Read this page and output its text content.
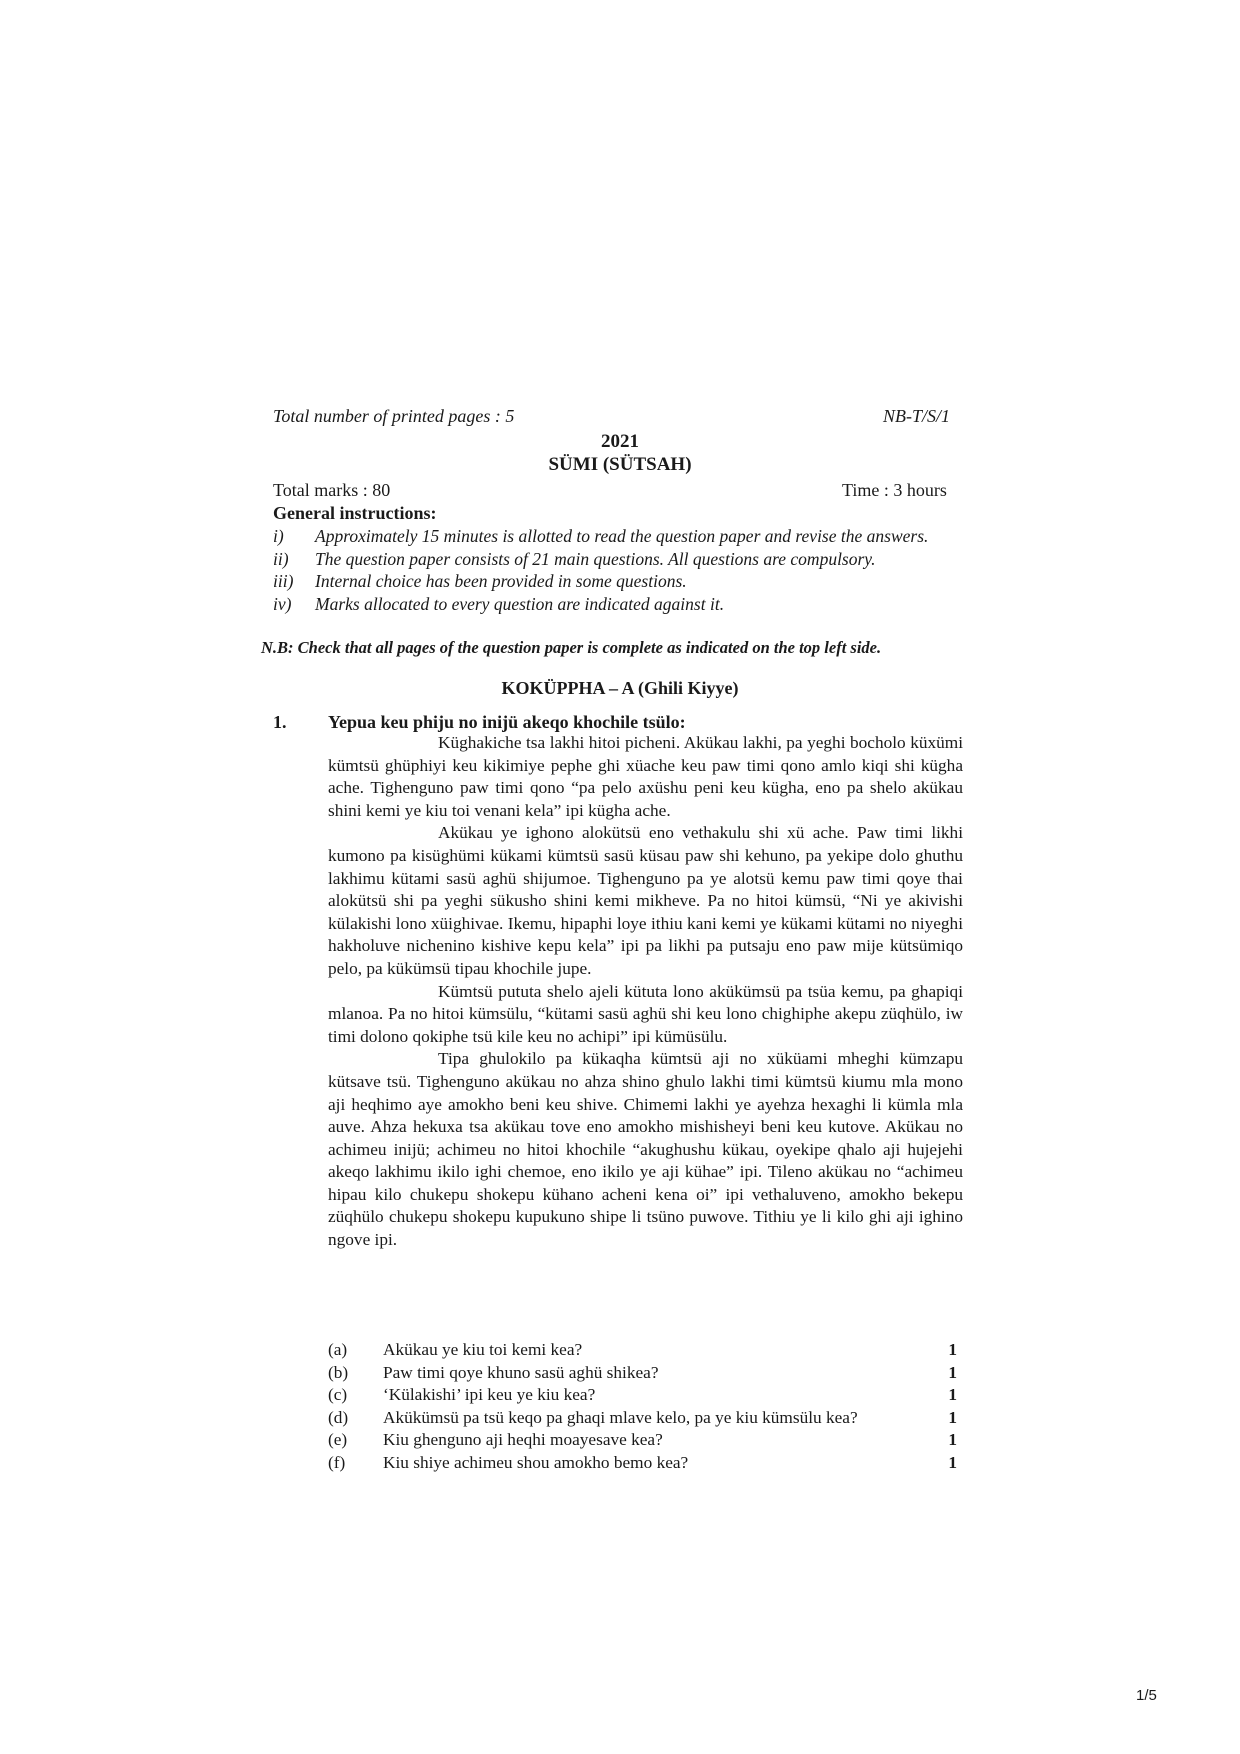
Total number of printed pages : 5	NB-T/S/1
2021
SÜMI (SÜTSAH)
Total marks : 80	Time : 3 hours
General instructions:
i) Approximately 15 minutes is allotted to read the question paper and revise the answers.
ii) The question paper consists of 21 main questions. All questions are compulsory.
iii) Internal choice has been provided in some questions.
iv) Marks allocated to every question are indicated against it.
N.B: Check that all pages of the question paper is complete as indicated on the top left side.
KOKÜPPHA – A (Ghili Kiyye)
1. Yepua keu phiju no inijü akeqo khochile tsülo:

Küghakiche tsa lakhi hitoi picheni. Akükau lakhi, pa yeghi bocholo küxümi kümtsü ghüphiyi keu kikimiye pephe ghi xüache keu paw timi qono amlo kiqi shi kügha ache. Tighenguno paw timi qono “pa pelo axüshu peni keu kügha, eno pa shelo akükau shini kemi ye kiu toi venani kela” ipi kügha ache.

Akükau ye ighono alokütsü eno vethakulu shi xü ache. Paw timi likhi kumono pa kisüghümi kükami kümtsü sasü küsau paw shi kehuno, pa yekipe dolo ghuthu lakhimu kütami sasü aghü shijumoe. Tighenguno pa ye alotsü kemu paw timi qoye thai alokütsü shi pa yeghi sükusho shini kemi mikheve. Pa no hitoi kümsü, “Ni ye akivishi külakishi lono xüighivae. Ikemu, hipaphi loye ithiu kani kemi ye kükami kütami no niyeghi hakholuve nichenino kishive kepu kela” ipi pa likhi pa putsaju eno paw mije kütsümiqo pelo, pa kükümsü tipau khochile jupe.

Kümtsü pututa shelo ajeli kütuta lono akükümsü pa tsüa kemu, pa ghapiqi mlanoa. Pa no hitoi kümsülu, “kütami sasü aghü shi keu lono chighiphe akepu züqhülo, iw timi dolono qokiphe tsü kile keu no achipi” ipi kümüsülu.

Tipa ghulokilo pa kükaqha kümtsü aji no xüküami mheghi kümzapu kütsave tsü. Tighenguno akükau no ahza shino ghulo lakhi timi kümtsü kiumu mla mono aji heqhimo aye amokho beni keu shive. Chimemi lakhi ye ayehza hexaghi li kümla mla auve. Ahza hekuxa tsa akükau tove eno amokho mishisheyi beni keu kutove. Akükau no achimeu inijü; achimeu no hitoi khochile “akughushu kükau, oyekipe qhalo aji hujejehi akeqo lakhimu ikilo ighi chemoe, eno ikilo ye aji kühae” ipi. Tileno akükau no “achimeu hipau kilo chukepu shokepu kühano acheni kena oi” ipi vethaluveno, amokho bekepu züqhülo chukepu shokepu kupukuno shipe li tsüno puwove. Tithiu ye li kilo ghi aji ighino ngove ipi.

(a) Akükau ye kiu toi kemi kea?	1
(b) Paw timi qoye khuno sasü aghü shikea?	1
(c) ‘Külakishi’ ipi keu ye kiu kea?	1
(d) Akükümsü pa tsü keqo pa ghaqi mlave kelo, pa ye kiu kümsülu kea?	1
(e) Kiu ghenguno aji heqhi moayesave kea?	1
(f) Kiu shiye achimeu shou amokho bemo kea?	1
1/5
